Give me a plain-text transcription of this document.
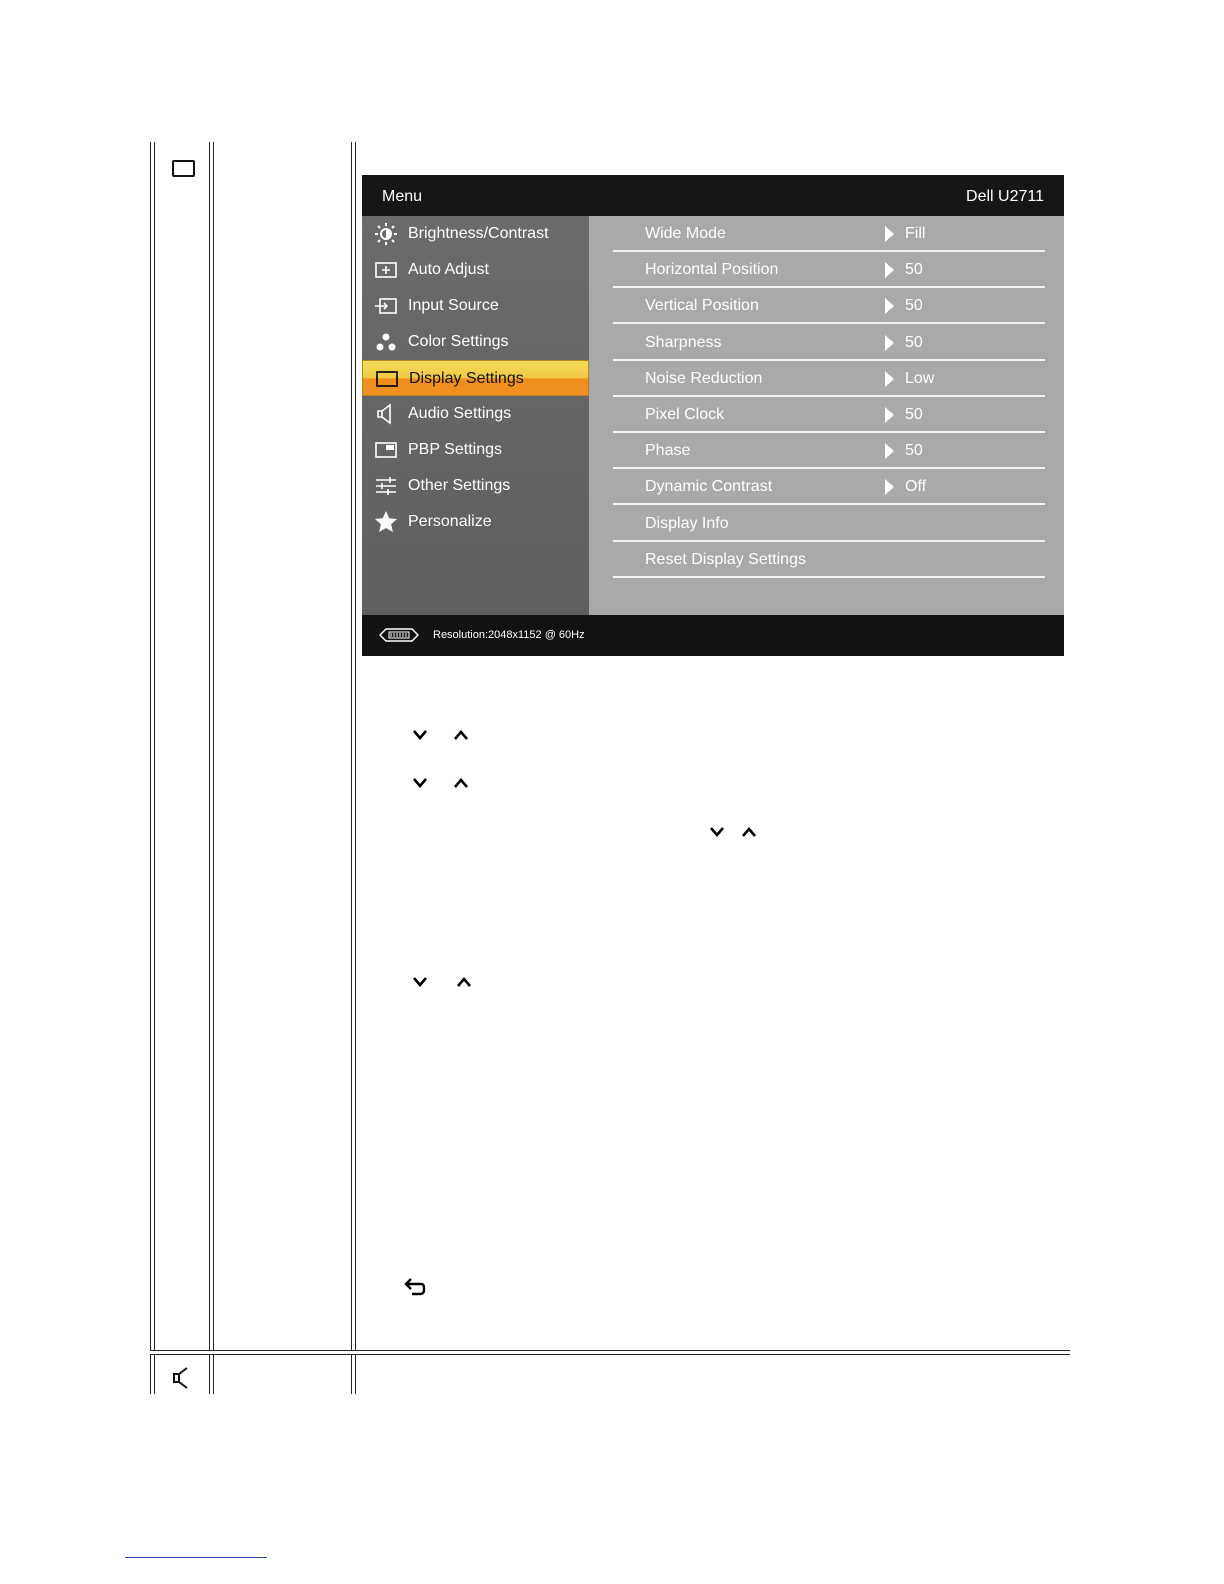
Menu	Dell U2711
Brightness/Contrast
Auto Adjust
Input Source
Color Settings
Display Settings
Audio Settings
PBP Settings
Other Settings
Personalize
Wide Mode	Fill
Horizontal Position	50
Vertical Position	50
Sharpness	50
Noise Reduction	Low
Pixel Clock	50
Phase	50
Dynamic Contrast	Off
Display Info
Reset Display Settings
Resolution:2048x1152 @ 60Hz
